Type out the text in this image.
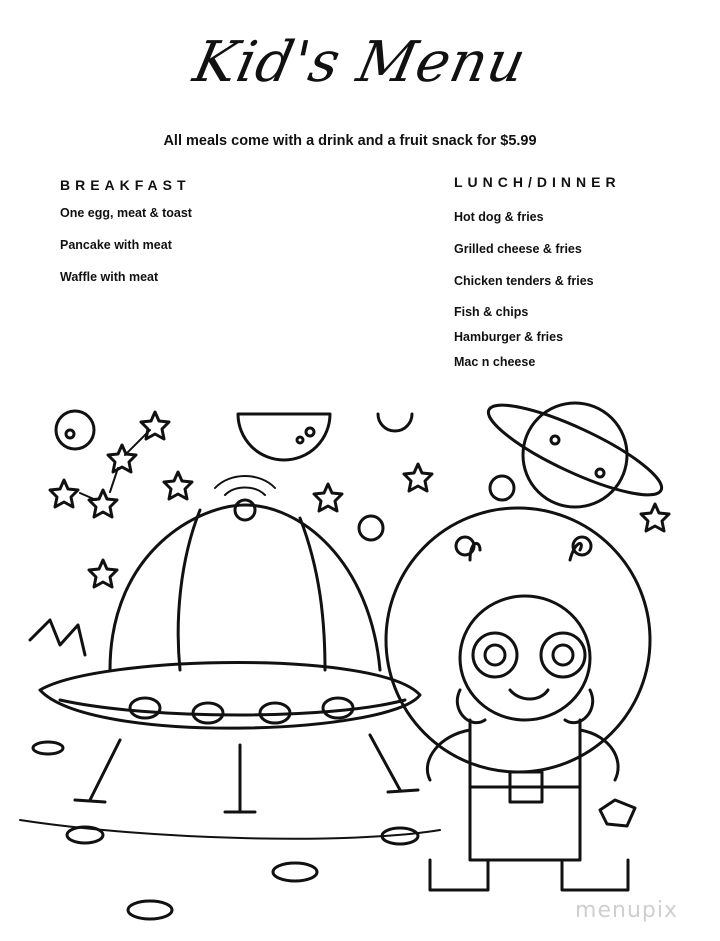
Kid's Menu
All meals come with a drink and a fruit snack for $5.99
BREAKFAST
One egg, meat & toast
Pancake with meat
Waffle with meat
LUNCH/DINNER
Hot dog & fries
Grilled cheese & fries
Chicken tenders & fries
Fish & chips
Hamburger & fries
Mac n cheese
menupix
